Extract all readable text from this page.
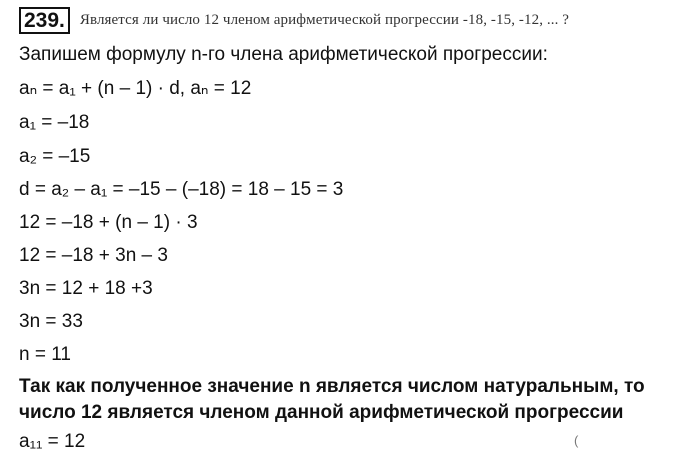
239.	Является ли число 12 членом арифметической прогрессии -18, -15, -12, ... ?
Запишем формулу n-го члена арифметической прогрессии:
aₙ = a₁ + (n – 1) · d, aₙ = 12
a₁ = –18
a₂ = –15
d = a₂ – a₁ = –15 – (–18) = 18 – 15 = 3
12 = –18 + (n – 1) · 3
12 = –18 + 3n – 3
3n = 12 + 18 +3
3n = 33
n = 11
Так как полученное значение n является числом натуральным, то число 12 является членом данной арифметической прогрессии
a₁₁ = 12	(
